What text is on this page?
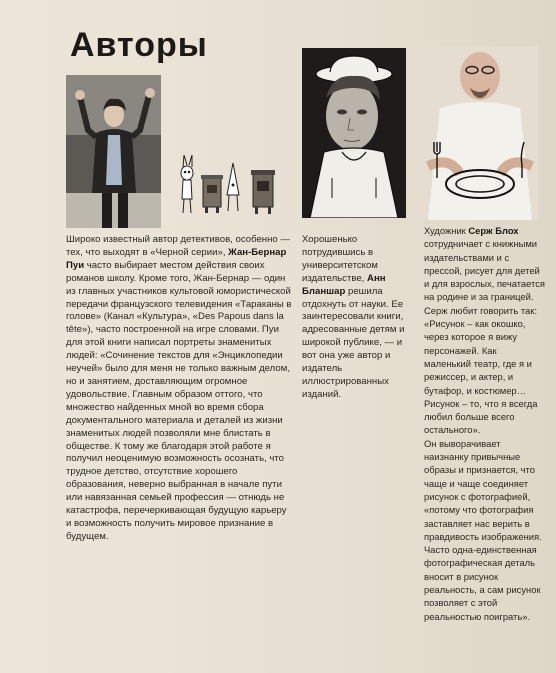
Авторы

Широко известный автор детективов, особенно — тех, что выходят в «Черной серии», Жан-Бернар Пуи часто выбирает местом действия своих романов школу. Кроме того, Жан-Бернар — один из главных участников культовой юмористической передачи французского телевидения «Тараканы в голове» (Канал «Культура», «Des Papous dans la tête»), часто построенной на игре словами. Пуи для этой книги написал портреты знаменитых людей: «Сочинение текстов для «Энциклопедии неучей» было для меня не только важным делом, но и занятием, доставляющим огромное удовольствие. Главным образом оттого, что множество найденных мной во время сбора документального материала и деталей из жизни знаменитых людей позволяли мне блистать в обществе. К тому же благодаря этой работе я получил неоценимую возможность осознать, что трудное детство, отсутствие хорошего образования, неверно выбранная в начале пути или навязанная семьей профессия — отнюдь не катастрофа, перечеркивающая будущую карьеру и возможность получить мировое признание в будущем.

Хорошенько потрудившись в университетском издательстве, Анн Бланшар решила отдохнуть от науки. Ее заинтересовали книги, адресованные детям и широкой публике, — и вот она уже автор и издатель иллюстрированных изданий.

Художник Серж Блох сотрудничает с книжными издательствами и с прессой, рисует для детей и для взрослых, печатается на родине и за границей. Серж любит говорить так: «Рисунок – как окошко, через которое я вижу персонажей. Как маленький театр, где я и режиссер, и актер, и бутафор, и костюмер… Рисунок – то, что я всегда любил больше всего остального».

Он выворачивает наизнанку привычные образы и признается, что чаще и чаще соединяет рисунок с фотографией, «потому что фотография заставляет нас верить в правдивость изображения. Часто одна-единственная фотографическая деталь вносит в рисунок реальность, а сам рисунок позволяет с этой реальностью поиграть».
